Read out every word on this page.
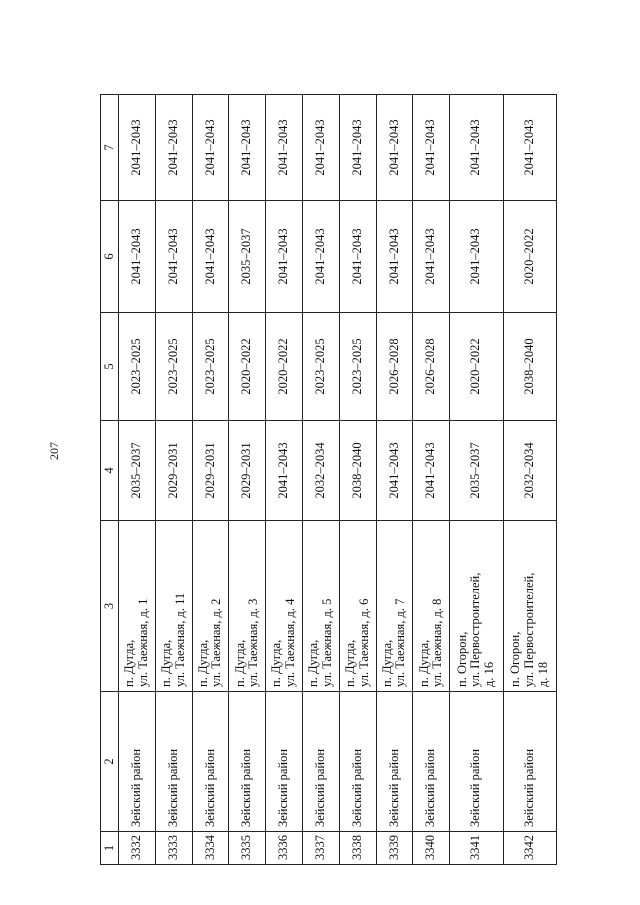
207
1	2	3	4	5	6	7
3332	Зейский район	п. Дугда,
ул. Таежная, д. 1	2035–2037	2023–2025	2041–2043	2041–2043
3333	Зейский район	п. Дугда,
ул. Таежная, д. 11	2029–2031	2023–2025	2041–2043	2041–2043
3334	Зейский район	п. Дугда,
ул. Таежная, д. 2	2029–2031	2023–2025	2041–2043	2041–2043
3335	Зейский район	п. Дугда,
ул. Таежная, д. 3	2029–2031	2020–2022	2035–2037	2041–2043
3336	Зейский район	п. Дугда,
ул. Таежная, д. 4	2041–2043	2020–2022	2041–2043	2041–2043
3337	Зейский район	п. Дугда,
ул. Таежная, д. 5	2032–2034	2023–2025	2041–2043	2041–2043
3338	Зейский район	п. Дугда,
ул. Таежная, д. 6	2038–2040	2023–2025	2041–2043	2041–2043
3339	Зейский район	п. Дугда,
ул. Таежная, д. 7	2041–2043	2026–2028	2041–2043	2041–2043
3340	Зейский район	п. Дугда,
ул. Таежная, д. 8	2041–2043	2026–2028	2041–2043	2041–2043
3341	Зейский район	п. Огорон,
ул. Первостроителей,
д. 16	2035–2037	2020–2022	2041–2043	2041–2043
3342	Зейский район	п. Огорон,
ул. Первостроителей,
д. 18	2032–2034	2038–2040	2020–2022	2041–2043
